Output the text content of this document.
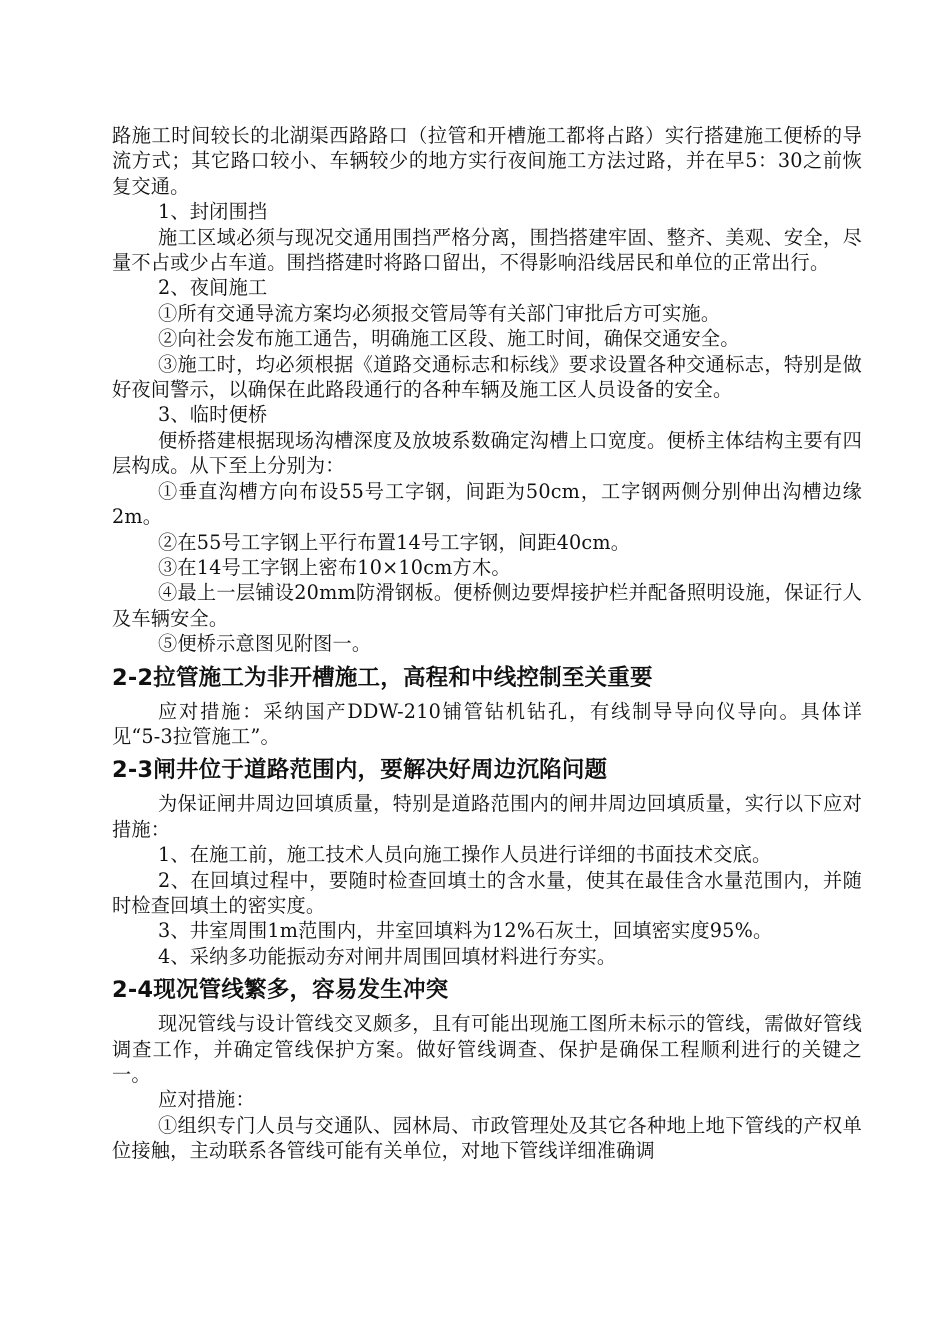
路施工时间较长的北湖渠西路路口（拉管和开槽施工都将占路）实行搭建施工便桥的导流方式；其它路口较小、车辆较少的地方实行夜间施工方法过路，并在早5：30之前恢复交通。

1、封闭围挡

施工区域必须与现况交通用围挡严格分离，围挡搭建牢固、整齐、美观、安全，尽量不占或少占车道。围挡搭建时将路口留出，不得影响沿线居民和单位的正常出行。

2、夜间施工

①所有交通导流方案均必须报交管局等有关部门审批后方可实施。

②向社会发布施工通告，明确施工区段、施工时间，确保交通安全。

③施工时，均必须根据《道路交通标志和标线》要求设置各种交通标志，特别是做好夜间警示，以确保在此路段通行的各种车辆及施工区人员设备的安全。

3、临时便桥

便桥搭建根据现场沟槽深度及放坡系数确定沟槽上口宽度。便桥主体结构主要有四层构成。从下至上分别为：

①垂直沟槽方向布设55号工字钢，间距为50cm，工字钢两侧分别伸出沟槽边缘2m。

②在55号工字钢上平行布置14号工字钢，间距40cm。

③在14号工字钢上密布10×10cm方木。

④最上一层铺设20mm防滑钢板。便桥侧边要焊接护栏并配备照明设施，保证行人及车辆安全。

⑤便桥示意图见附图一。

2-2拉管施工为非开槽施工，高程和中线控制至关重要

应对措施：采纳国产DDW-210铺管钻机钻孔，有线制导导向仪导向。具体详见“5-3拉管施工”。

2-3闸井位于道路范围内，要解决好周边沉陷问题

为保证闸井周边回填质量，特别是道路范围内的闸井周边回填质量，实行以下应对措施：

1、在施工前，施工技术人员向施工操作人员进行详细的书面技术交底。

2、在回填过程中，要随时检查回填土的含水量，使其在最佳含水量范围内，并随时检查回填土的密实度。

3、井室周围1m范围内，井室回填料为12%石灰土，回填密实度95%。

4、采纳多功能振动夯对闸井周围回填材料进行夯实。

2-4现况管线繁多，容易发生冲突

现况管线与设计管线交叉颇多，且有可能出现施工图所未标示的管线，需做好管线调查工作，并确定管线保护方案。做好管线调查、保护是确保工程顺利进行的关键之一。

应对措施：

①组织专门人员与交通队、园林局、市政管理处及其它各种地上地下管线的产权单位接触，主动联系各管线可能有关单位，对地下管线详细准确调
